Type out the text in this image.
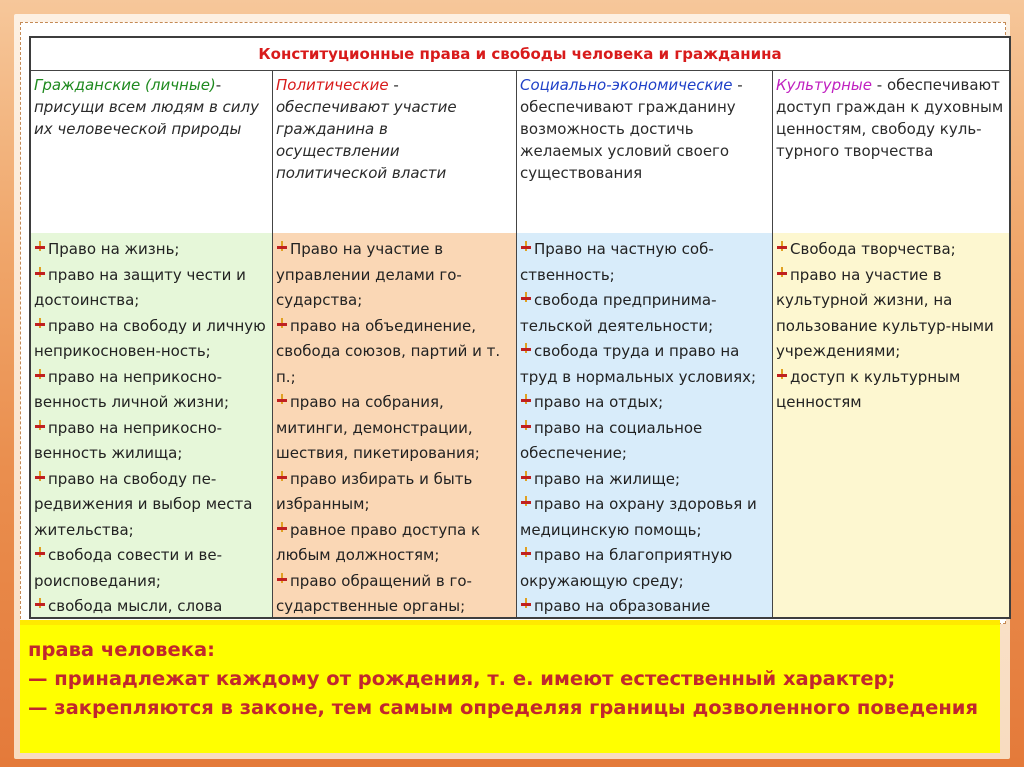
Конституционные права и свободы человека и гражданина
Гражданские (личные)- присущи всем людям в силу их человеческой природы
Политические - обеспечивают участие гражданина в осуществлении политической власти
Социально-экономические - обеспечивают гражданину возможность достичь желаемых условий своего существования
Культурные - обеспечивают доступ граждан к духовным ценностям, свободу куль-турного творчества
Право на жизнь;
право на защиту чести и достоинства;
право на свободу и личную неприкосновен-ность;
право на неприкосно-венность личной жизни;
право на неприкосно-венность жилища;
право на свободу пе-редвижения и выбор места жительства;
свобода совести и ве-роисповедания;
свобода мысли, слова
Право на участие в управлении делами го-сударства;
право на объединение, свобода союзов, партий и т. п.;
право на собрания, митинги, демонстрации, шествия, пикетирования;
право избирать и быть избранным;
равное право доступа к любым должностям;
право обращений в го-сударственные органы;
Право на частную соб-ственность;
свобода предпринима-тельской деятельности;
свобода труда и право на труд в нормальных условиях;
право на отдых;
право на социальное обеспечение;
право на жилище;
право на охрану здоровья и медицинскую помощь;
право на благоприятную окружающую среду;
право на образование
Свобода творчества;
право на участие в культурной жизни, на пользование культур-ными учреждениями;
доступ к культурным ценностям
права человека:
— принадлежат каждому от рождения, т. е. имеют естественный характер;
— закрепляются в законе, тем самым определяя границы дозволенного поведения
